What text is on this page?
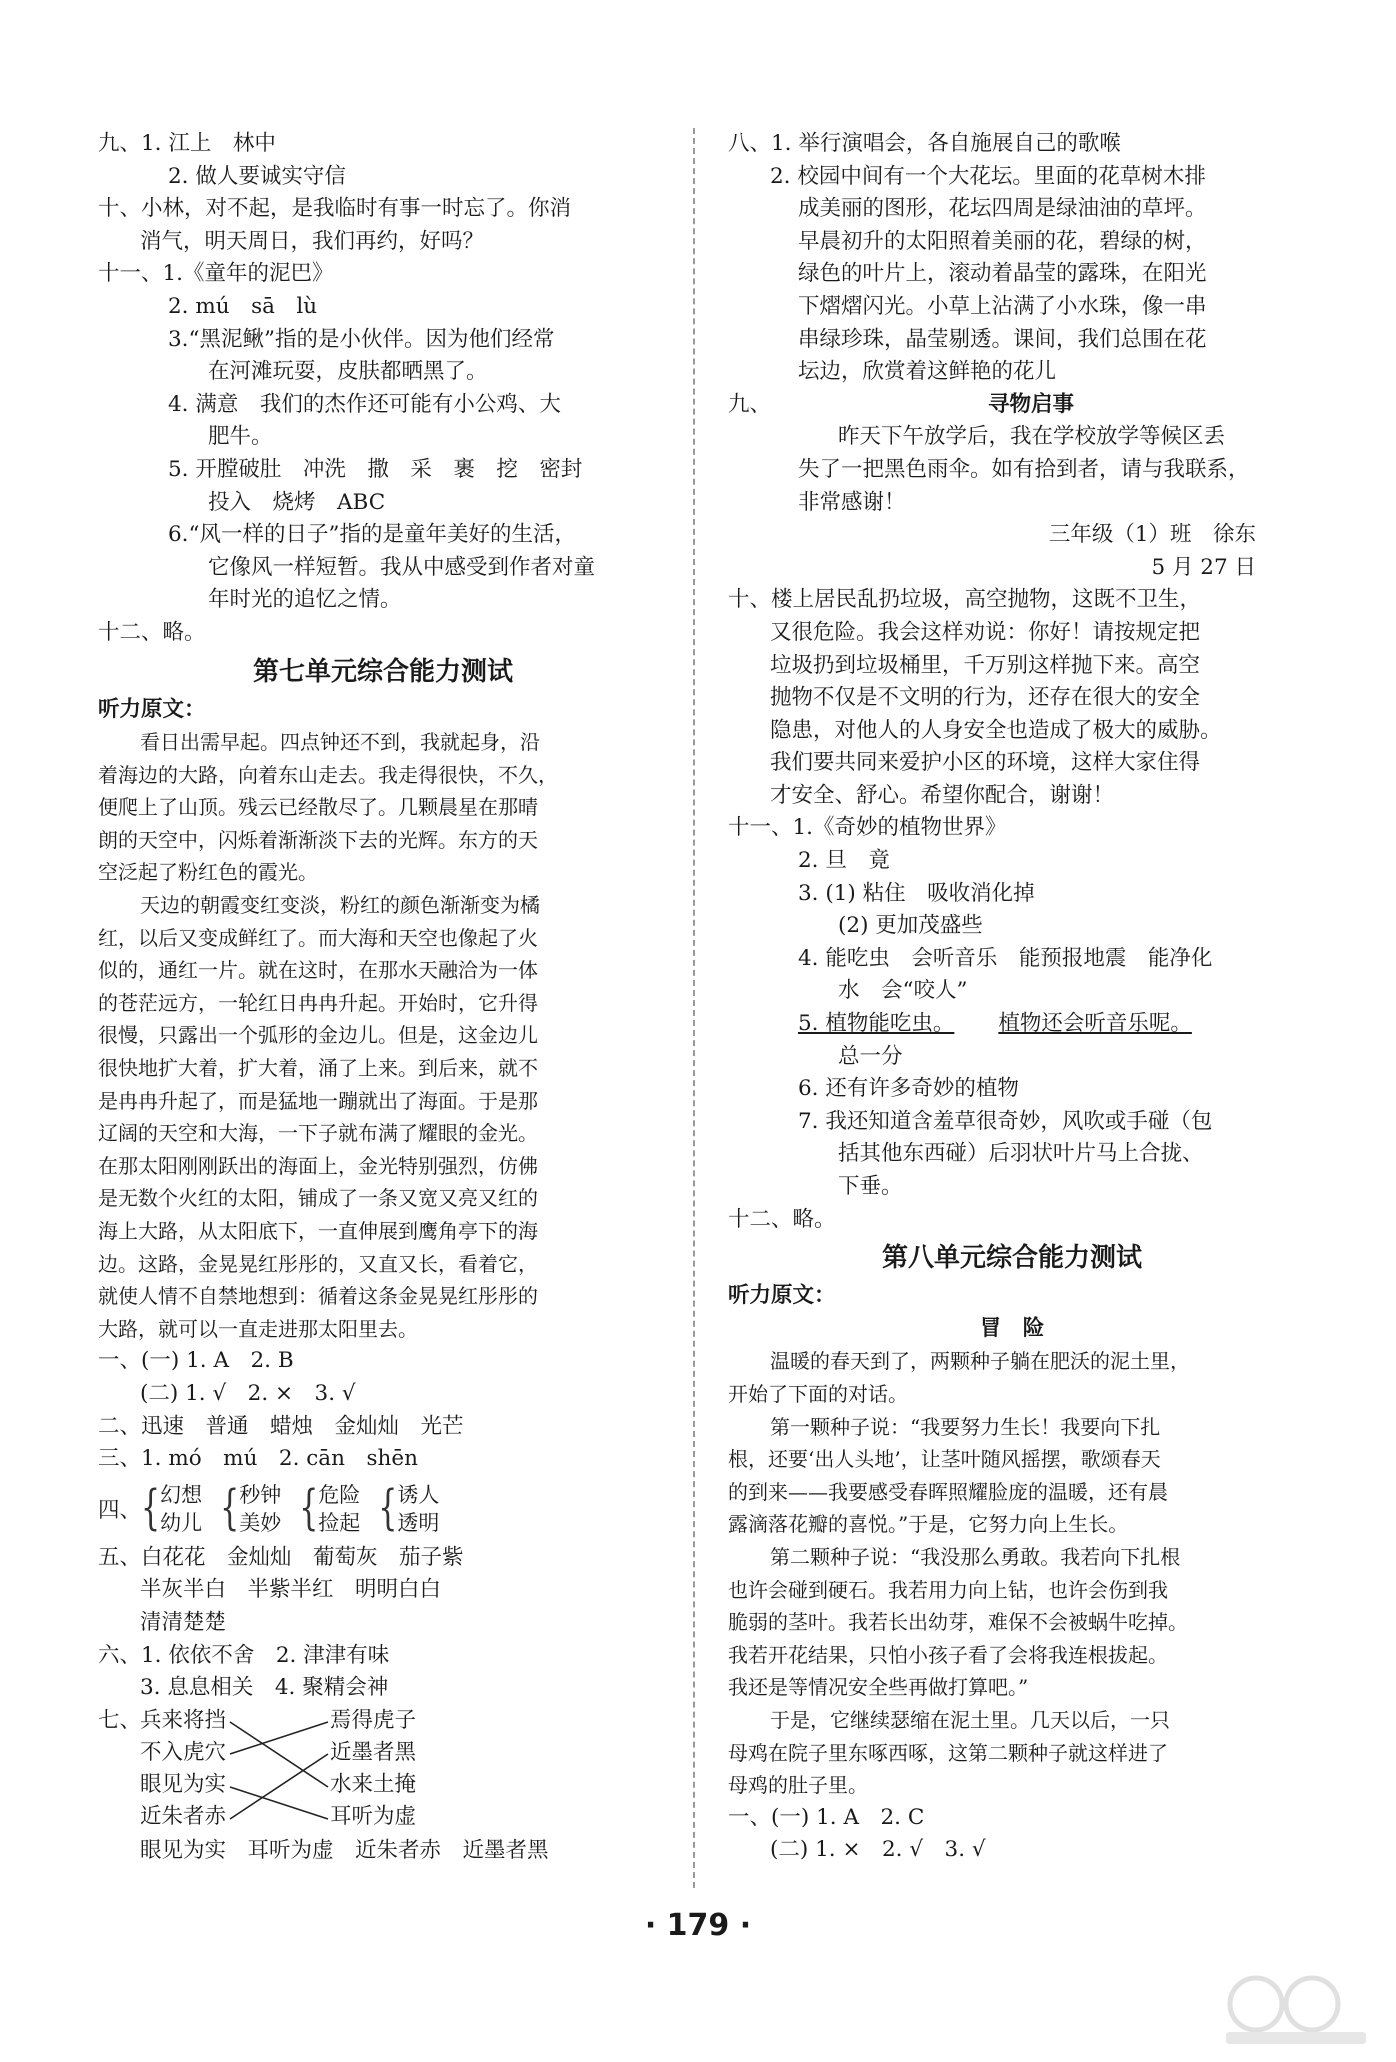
九、1. 江上　林中
2. 做人要诚实守信
十、小林，对不起，是我临时有事一时忘了。你消
消气，明天周日，我们再约，好吗？
十一、1.《童年的泥巴》
2. mú　sā　lù
3.“黑泥鳅”指的是小伙伴。因为他们经常
在河滩玩耍，皮肤都晒黑了。
4. 满意　我们的杰作还可能有小公鸡、大
肥牛。
5. 开膛破肚　冲洗　撒　采　裹　挖　密封
投入　烧烤　ABC
6.“风一样的日子”指的是童年美好的生活，
它像风一样短暂。我从中感受到作者对童
年时光的追忆之情。
十二、略。
第七单元综合能力测试
听力原文：
看日出需早起。四点钟还不到，我就起身，沿
着海边的大路，向着东山走去。我走得很快，不久，
便爬上了山顶。残云已经散尽了。几颗晨星在那晴
朗的天空中，闪烁着渐渐淡下去的光辉。东方的天
空泛起了粉红色的霞光。
天边的朝霞变红变淡，粉红的颜色渐渐变为橘
红，以后又变成鲜红了。而大海和天空也像起了火
似的，通红一片。就在这时，在那水天融洽为一体
的苍茫远方，一轮红日冉冉升起。开始时，它升得
很慢，只露出一个弧形的金边儿。但是，这金边儿
很快地扩大着，扩大着，涌了上来。到后来，就不
是冉冉升起了，而是猛地一蹦就出了海面。于是那
辽阔的天空和大海，一下子就布满了耀眼的金光。
在那太阳刚刚跃出的海面上，金光特别强烈，仿佛
是无数个火红的太阳，铺成了一条又宽又亮又红的
海上大路，从太阳底下，一直伸展到鹰角亭下的海
边。这路，金晃晃红彤彤的，又直又长，看着它，
就使人情不自禁地想到：循着这条金晃晃红彤彤的
大路，就可以一直走进那太阳里去。
一、(一) 1. A　2. B
(二) 1. √　2. ×　3. √
二、迅速　普通　蜡烛　金灿灿　光芒
三、1. mó　mú　2. cān　shēn
四、 { 幻想
幼儿 { 秒钟
美妙 { 危险
捡起 { 诱人
透明
五、白花花　金灿灿　葡萄灰　茄子紫
半灰半白　半紫半红　明明白白
清清楚楚
六、1. 依依不舍　2. 津津有味
3. 息息相关　4. 聚精会神
七、
兵来将挡
不入虎穴
眼见为实
近朱者赤
焉得虎子
近墨者黑
水来土掩
耳听为虚
眼见为实　耳听为虚　近朱者赤　近墨者黑
八、1. 举行演唱会，各自施展自己的歌喉
2. 校园中间有一个大花坛。里面的花草树木排
成美丽的图形，花坛四周是绿油油的草坪。
早晨初升的太阳照着美丽的花，碧绿的树，
绿色的叶片上，滚动着晶莹的露珠，在阳光
下熠熠闪光。小草上沾满了小水珠，像一串
串绿珍珠，晶莹剔透。课间，我们总围在花
坛边，欣赏着这鲜艳的花儿
九、	寻物启事
昨天下午放学后，我在学校放学等候区丢
失了一把黑色雨伞。如有拾到者，请与我联系，
非常感谢！
三年级（1）班　徐东
5 月 27 日
十、楼上居民乱扔垃圾，高空抛物，这既不卫生，
又很危险。我会这样劝说：你好！请按规定把
垃圾扔到垃圾桶里，千万别这样抛下来。高空
抛物不仅是不文明的行为，还存在很大的安全
隐患，对他人的人身安全也造成了极大的威胁。
我们要共同来爱护小区的环境，这样大家住得
才安全、舒心。希望你配合，谢谢！
十一、1.《奇妙的植物世界》
2. 旦　竟
3. (1) 粘住　吸收消化掉
(2) 更加茂盛些
4. 能吃虫　会听音乐　能预报地震　能净化
水　会“咬人”
5. 植物能吃虫。 植物还会听音乐呢。
总一分
6. 还有许多奇妙的植物
7. 我还知道含羞草很奇妙，风吹或手碰（包
括其他东西碰）后羽状叶片马上合拢、
下垂。
十二、略。
第八单元综合能力测试
听力原文：
冒　险
温暖的春天到了，两颗种子躺在肥沃的泥土里，
开始了下面的对话。
第一颗种子说：“我要努力生长！我要向下扎
根，还要‘出人头地’，让茎叶随风摇摆，歌颂春天
的到来——我要感受春晖照耀脸庞的温暖，还有晨
露滴落花瓣的喜悦。”于是，它努力向上生长。
第二颗种子说：“我没那么勇敢。我若向下扎根
也许会碰到硬石。我若用力向上钻，也许会伤到我
脆弱的茎叶。我若长出幼芽，难保不会被蜗牛吃掉。
我若开花结果，只怕小孩子看了会将我连根拔起。
我还是等情况安全些再做打算吧。”
于是，它继续瑟缩在泥土里。几天以后，一只
母鸡在院子里东啄西啄，这第二颗种子就这样进了
母鸡的肚子里。
一、(一) 1. A　2. C
(二) 1. ×　2. √　3. √
· 179 ·
